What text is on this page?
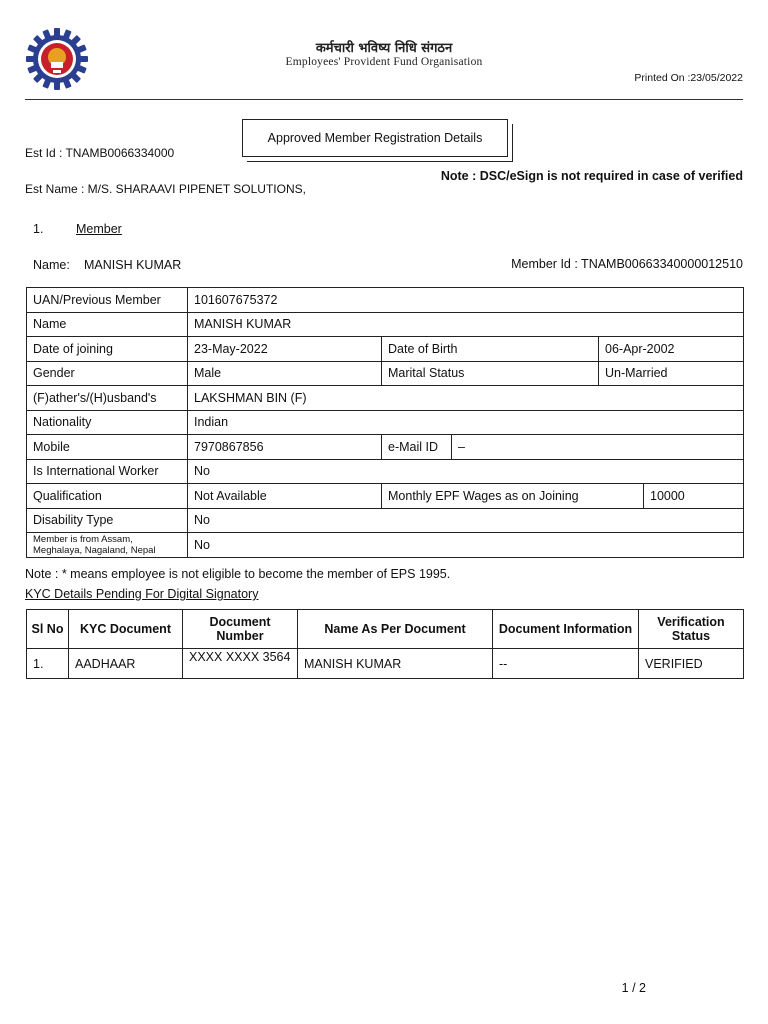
कर्मचारी भविष्य निधि संगठन
Employees' Provident Fund Organisation
Printed On :23/05/2022
Approved Member Registration Details
Est Id : TNAMB0066334000
Note : DSC/eSign is not required in case of verified
Est Name : M/S. SHARAAVI PIPENET SOLUTIONS,
1.	Member
Name: MANISH KUMAR	Member Id : TNAMB00663340000012510
UAN/Previous Member	101607675372				
Name	MANISH KUMAR				
Date of joining	23-May-2022	Date of Birth		06-Apr-2002	
Gender	Male	Marital Status		Un-Married	
(F)ather's/(H)usband's	LAKSHMAN BIN (F)				
Nationality	Indian				
Mobile	7970867856	e-Mail ID	–		
Is International Worker	No				
Qualification	Not Available	Monthly EPF Wages as on Joining			10000
Disability Type	No				
Member is from Assam, Meghalaya, Nagaland, Nepal	No				
Note : * means employee is not eligible to become the member of EPS 1995.
KYC Details Pending For Digital Signatory
Sl No	KYC Document	Document Number	Name As Per Document	Document Information	Verification Status
1.	AADHAAR	XXXX XXXX 3564	MANISH KUMAR	--	VERIFIED
1 / 2
